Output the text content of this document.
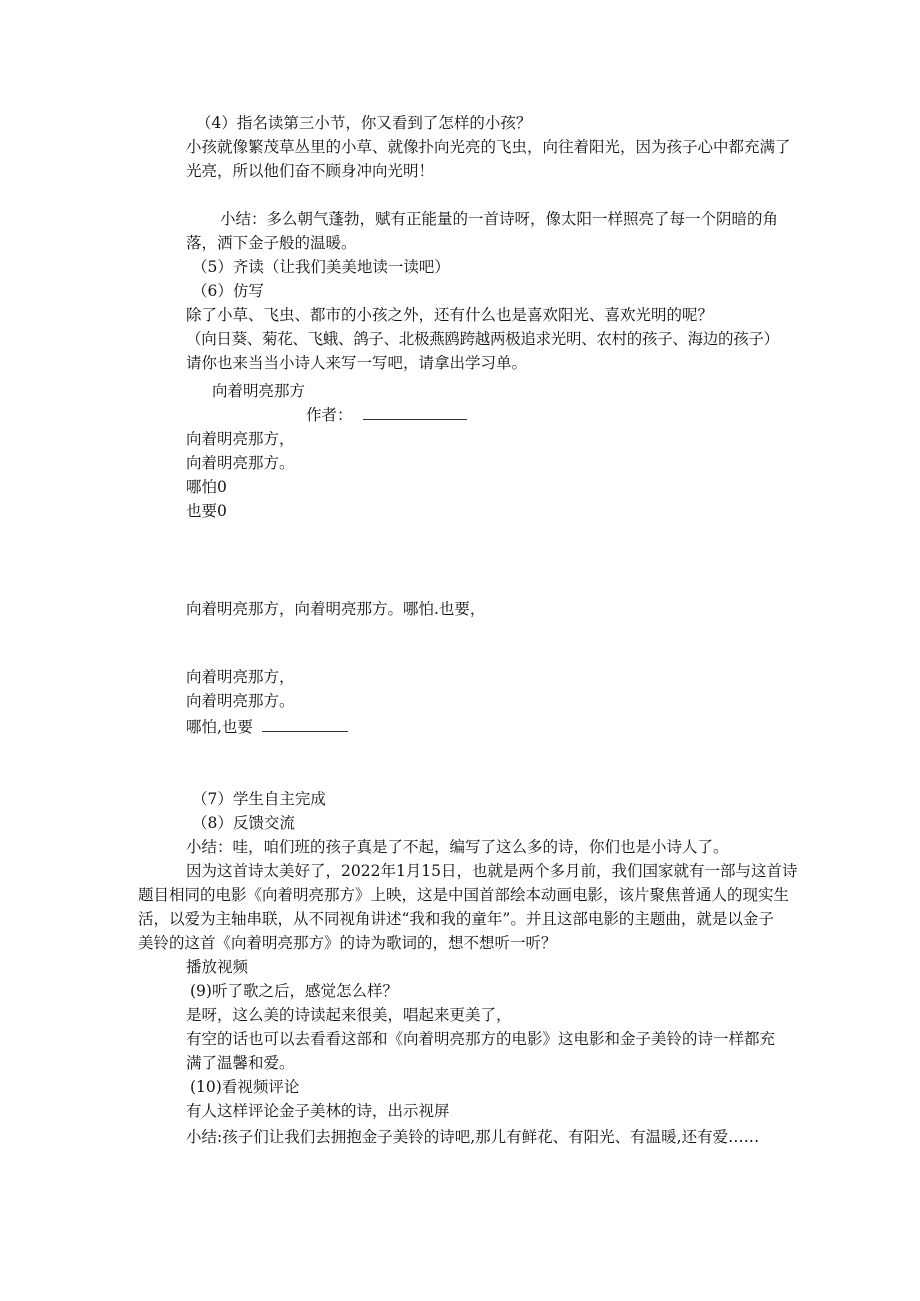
（4）指名读第三小节，你又看到了怎样的小孩？
小孩就像繁茂草丛里的小草、就像扑向光亮的飞虫，向往着阳光，因为孩子心中都充满了
光亮，所以他们奋不顾身冲向光明！
小结：多么朝气蓬勃，赋有正能量的一首诗呀，像太阳一样照亮了每一个阴暗的角
落，洒下金子般的温暖。
（5）齐读（让我们美美地读一读吧）
（6）仿写
除了小草、飞虫、都市的小孩之外，还有什么也是喜欢阳光、喜欢光明的呢？
（向日葵、菊花、飞蛾、鸽子、北极燕鸥跨越两极追求光明、农村的孩子、海边的孩子）
请你也来当当小诗人来写一写吧，请拿出学习单。
向着明亮那方
作者：
向着明亮那方，
向着明亮那方。
哪怕0
也要0
向着明亮那方，向着明亮那方。哪怕.也要，
向着明亮那方，
向着明亮那方。
哪怕,也要
（7）学生自主完成
（8）反馈交流
小结：哇，咱们班的孩子真是了不起，编写了这么多的诗，你们也是小诗人了。
因为这首诗太美好了，2022年1月15日，也就是两个多月前，我们国家就有一部与这首诗
题目相同的电影《向着明亮那方》上映，这是中国首部绘本动画电影，该片聚焦普通人的现实生
活，以爱为主轴串联，从不同视角讲述“我和我的童年”。并且这部电影的主题曲，就是以金子
美铃的这首《向着明亮那方》的诗为歌词的，想不想听一听？
播放视频
(9)听了歌之后，感觉怎么样？
是呀，这么美的诗读起来很美，唱起来更美了，
有空的话也可以去看看这部和《向着明亮那方的电影》这电影和金子美铃的诗一样都充
满了温馨和爱。
(10)看视频评论
有人这样评论金子美林的诗，出示视屏
小结:孩子们让我们去拥抱金子美铃的诗吧,那儿有鲜花、有阳光、有温暖,还有爱……
